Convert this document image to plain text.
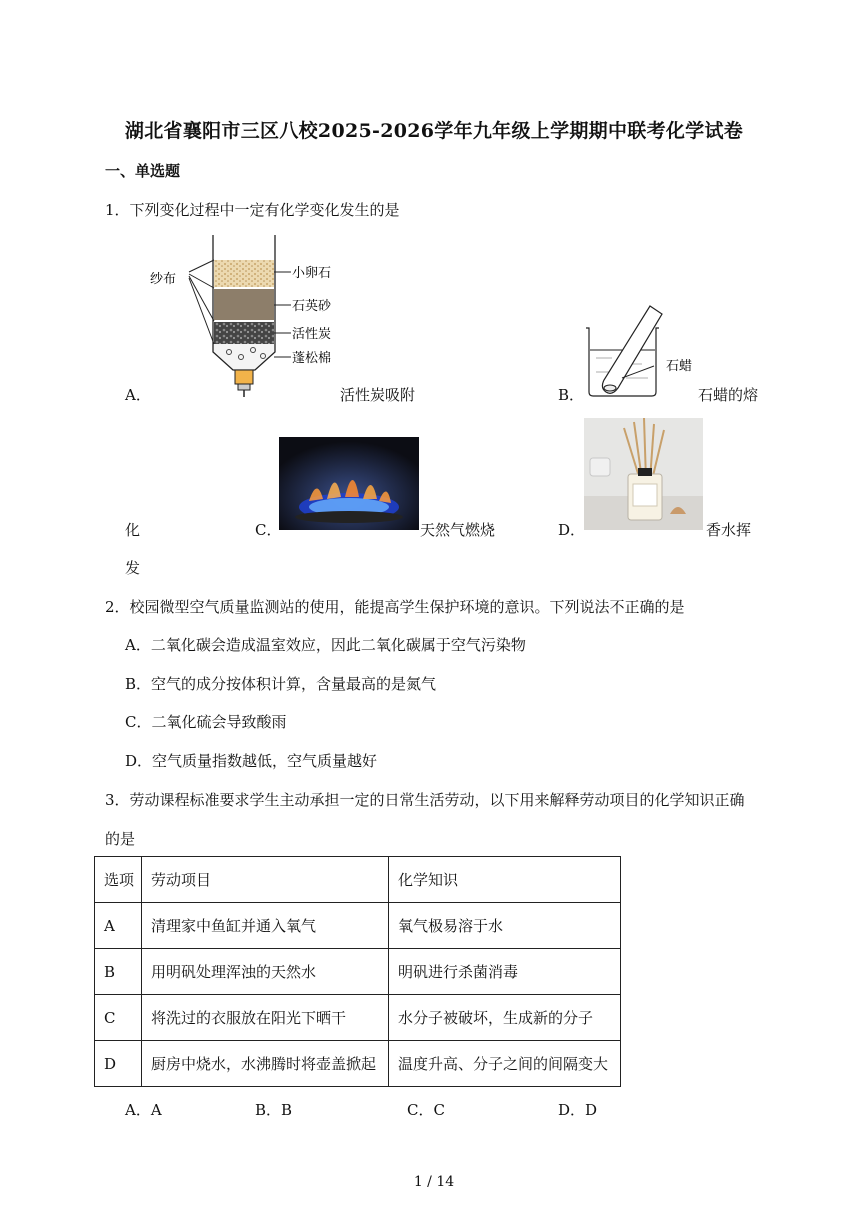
湖北省襄阳市三区八校2025-2026学年九年级上学期期中联考化学试卷
一、单选题
1．下列变化过程中一定有化学变化发生的是
纱布	小卵石
石英砂
活性炭
蓬松棉
A．	活性炭吸附
石蜡
B．	石蜡的熔
化	C．	天然气燃烧	D．	香水挥
发
2．校园微型空气质量监测站的使用，能提高学生保护环境的意识。下列说法不正确的是
A．二氧化碳会造成温室效应，因此二氧化碳属于空气污染物
B．空气的成分按体积计算，含量最高的是氮气
C．二氧化硫会导致酸雨
D．空气质量指数越低，空气质量越好
3．劳动课程标准要求学生主动承担一定的日常生活劳动，以下用来解释劳动项目的化学知识正确
的是
选项	劳动项目	化学知识
A	清理家中鱼缸并通入氧气	氧气极易溶于水
B	用明矾处理浑浊的天然水	明矾进行杀菌消毒
C	将洗过的衣服放在阳光下晒干	水分子被破坏，生成新的分子
D	厨房中烧水，水沸腾时将壶盖掀起	温度升高、分子之间的间隔变大
A．A	B．B	C．C	D．D
1 / 14
